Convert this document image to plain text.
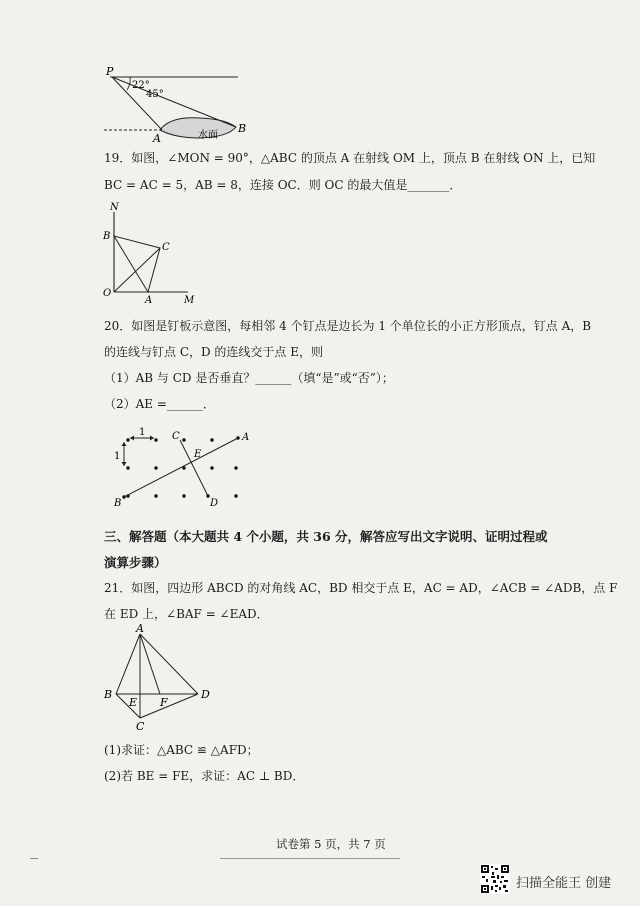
P
22°
45°
A	水面
B
19．如图，∠MON = 90°，△ABC 的顶点 A 在射线 OM 上，顶点 B 在射线 ON 上，已知
BC = AC = 5，AB = 8，连接 OC．则 OC 的最大值是_______．
N
B
C
O
A	M
20．如图是钉板示意图，每相邻 4 个钉点是边长为 1 个单位长的小正方形顶点，钉点 A，B
的连线与钉点 C，D 的连线交于点 E，则
（1）AB 与 CD 是否垂直？______（填“是”或“否”）；
（2）AE =______．
1
1
C	A
E
B	D
三、解答题（本大题共 4 个小题，共 36 分，解答应写出文字说明、证明过程或
演算步骤）
21．如图，四边形 ABCD 的对角线 AC，BD 相交于点 E，AC = AD，∠ACB = ∠ADB，点 F
在 ED 上，∠BAF = ∠EAD．
A
B	D
E F
C
(1)求证：△ABC ≌ △AFD；
(2)若 BE = FE，求证：AC ⊥ BD．
试卷第 5 页，共 7 页
扫描全能王 创建
